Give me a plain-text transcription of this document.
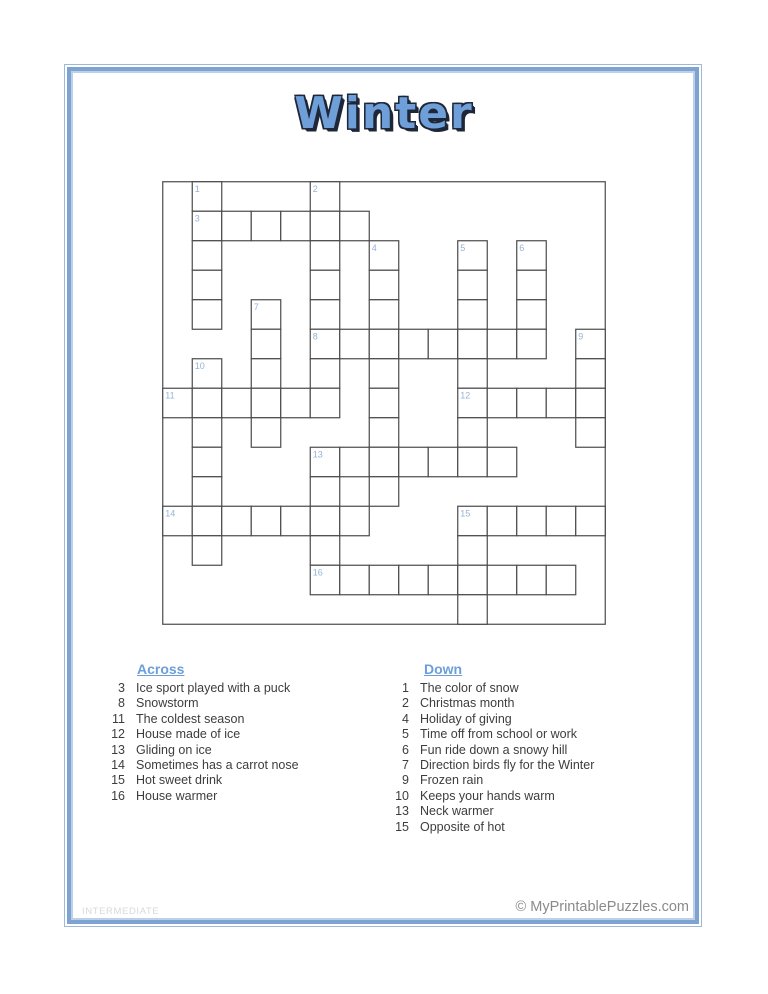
Winter
1	2
3
4	5	6
7
8	9
10
11	12
13
14	15
16
Across
3 Ice sport played with a puck
8 Snowstorm
11 The coldest season
12 House made of ice
13 Gliding on ice
14 Sometimes has a carrot nose
15 Hot sweet drink
16 House warmer
Down
1 The color of snow
2 Christmas month
4 Holiday of giving
5 Time off from school or work
6 Fun ride down a snowy hill
7 Direction birds fly for the Winter
9 Frozen rain
10 Keeps your hands warm
13 Neck warmer
15 Opposite of hot
INTERMEDIATE	© MyPrintablePuzzles.com
